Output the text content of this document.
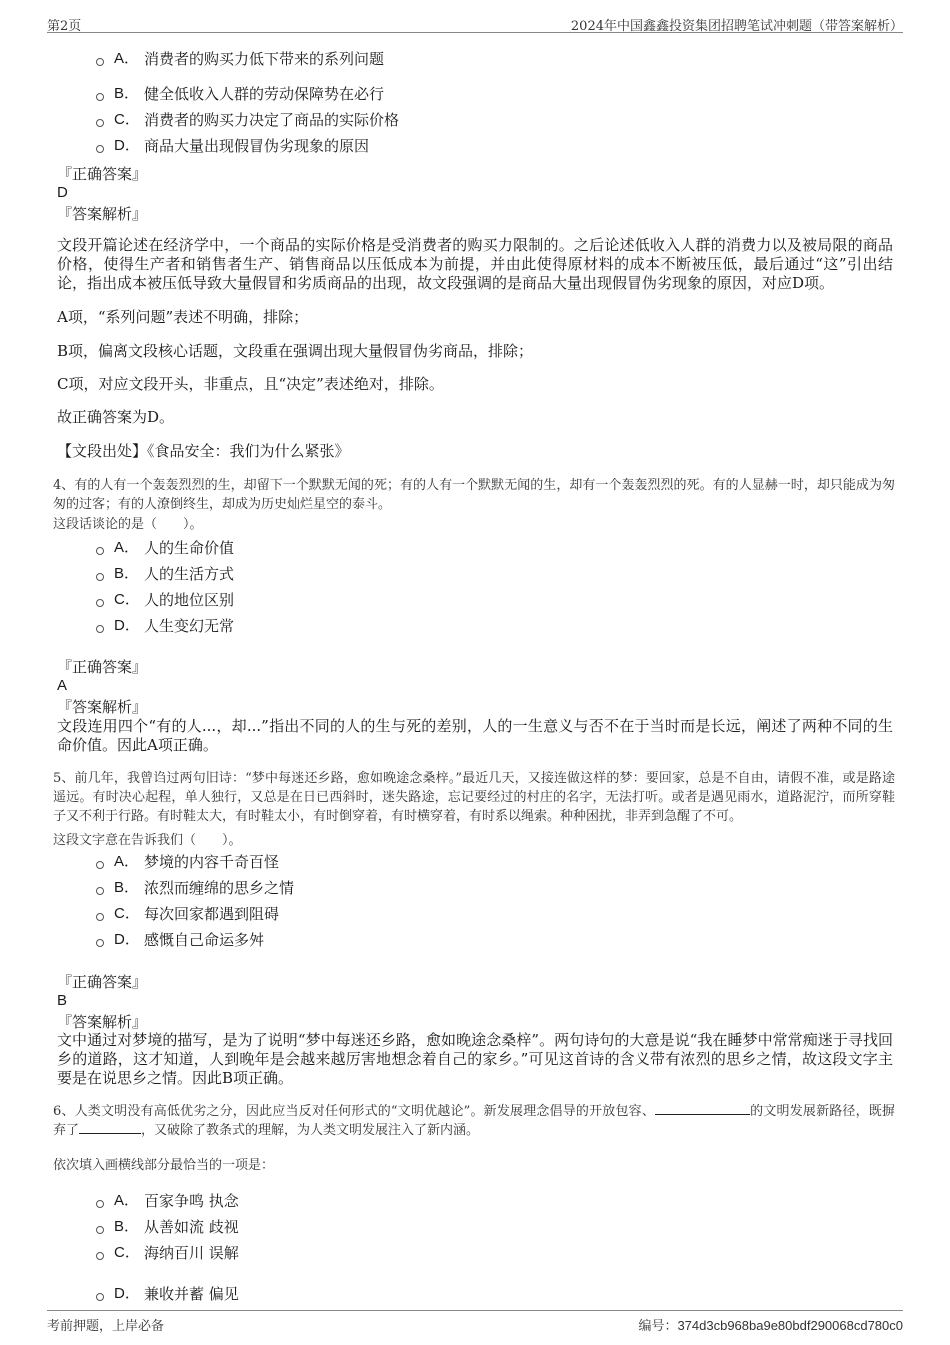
第2页	2024年中国鑫鑫投资集团招聘笔试冲刺题（带答案解析）
A． 消费者的购买力低下带来的系列问题
B． 健全低收入人群的劳动保障势在必行
C． 消费者的购买力决定了商品的实际价格
D． 商品大量出现假冒伪劣现象的原因
『正确答案』
D
『答案解析』
文段开篇论述在经济学中，一个商品的实际价格是受消费者的购买力限制的。之后论述低收入人群的消费力以及被局限的商品价格，使得生产者和销售者生产、销售商品以压低成本为前提，并由此使得原材料的成本不断被压低，最后通过“这”引出结论，指出成本被压低导致大量假冒和劣质商品的出现，故文段强调的是商品大量出现假冒伪劣现象的原因，对应D项。
A项，“系列问题”表述不明确，排除；
B项，偏离文段核心话题，文段重在强调出现大量假冒伪劣商品，排除；
C项，对应文段开头，非重点，且“决定”表述绝对，排除。
故正确答案为D。
【文段出处】《食品安全：我们为什么紧张》
4、有的人有一个轰轰烈烈的生，却留下一个默默无闻的死；有的人有一个默默无闻的生，却有一个轰轰烈烈的死。有的人显赫一时，却只能成为匆匆的过客；有的人潦倒终生，却成为历史灿烂星空的泰斗。
这段话谈论的是（　　）。
A． 人的生命价值
B． 人的生活方式
C． 人的地位区别
D． 人生变幻无常
『正确答案』
A
『答案解析』
文段连用四个“有的人...，却...”指出不同的人的生与死的差别，人的一生意义与否不在于当时而是长远，阐述了两种不同的生命价值。因此A项正确。
5、前几年，我曾诌过两句旧诗：“梦中每迷还乡路，愈如晚途念桑梓。”最近几天，又接连做这样的梦：要回家，总是不自由，请假不准，或是路途遥远。有时决心起程，单人独行，又总是在日已西斜时，迷失路途，忘记要经过的村庄的名字，无法打听。或者是遇见雨水，道路泥泞，而所穿鞋子又不利于行路。有时鞋太大，有时鞋太小，有时倒穿着，有时横穿着，有时系以绳索。种种困扰，非弄到急醒了不可。
这段文字意在告诉我们（　　）。
A． 梦境的内容千奇百怪
B． 浓烈而缠绵的思乡之情
C． 每次回家都遇到阻碍
D． 感慨自己命运多舛
『正确答案』
B
『答案解析』
文中通过对梦境的描写，是为了说明“梦中每迷还乡路，愈如晚途念桑梓”。两句诗句的大意是说“我在睡梦中常常痴迷于寻找回乡的道路，这才知道，人到晚年是会越来越厉害地想念着自己的家乡。”可见这首诗的含义带有浓烈的思乡之情，故这段文字主要是在说思乡之情。因此B项正确。
6、人类文明没有高低优劣之分，因此应当反对任何形式的“文明优越论”。新发展理念倡导的开放包容、	的文明发展新路径，既摒弃了	，又破除了教条式的理解，为人类文明发展注入了新内涵。
依次填入画横线部分最恰当的一项是：
A． 百家争鸣 执念
B． 从善如流 歧视
C． 海纳百川 误解
D． 兼收并蓄 偏见
考前押题，上岸必备	编号：374d3cb968ba9e80bdf290068cd780c0
